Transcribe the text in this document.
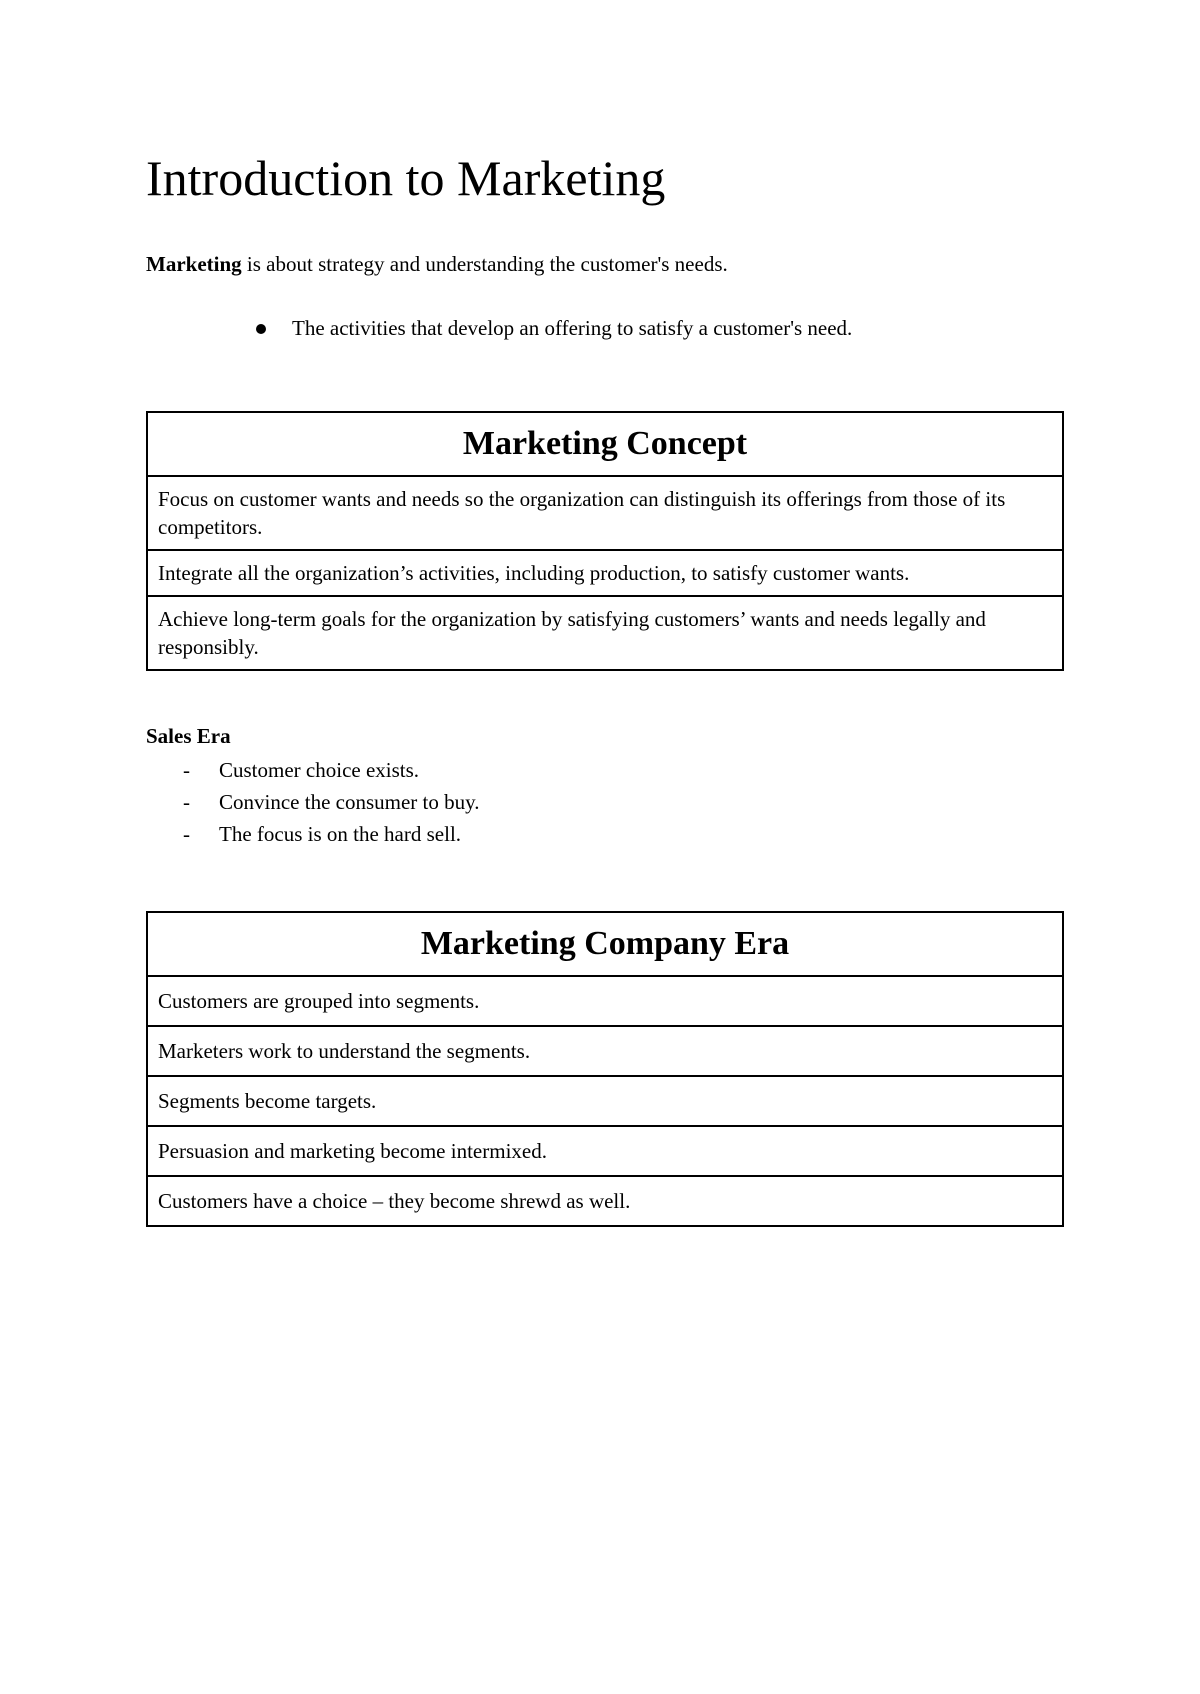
Introduction to Marketing

Marketing is about strategy and understanding the customer's needs.

The activities that develop an offering to satisfy a customer's need.
Marketing Concept
Focus on customer wants and needs so the organization can distinguish its offerings from those of its competitors.
Integrate all the organization’s activities, including production, to satisfy customer wants.
Achieve long-term goals for the organization by satisfying customers’ wants and needs legally and responsibly.

Sales Era

- Customer choice exists.
- Convince the consumer to buy.
- The focus is on the hard sell.
Marketing Company Era
Customers are grouped into segments.
Marketers work to understand the segments.
Segments become targets.
Persuasion and marketing become intermixed.
Customers have a choice – they become shrewd as well.
